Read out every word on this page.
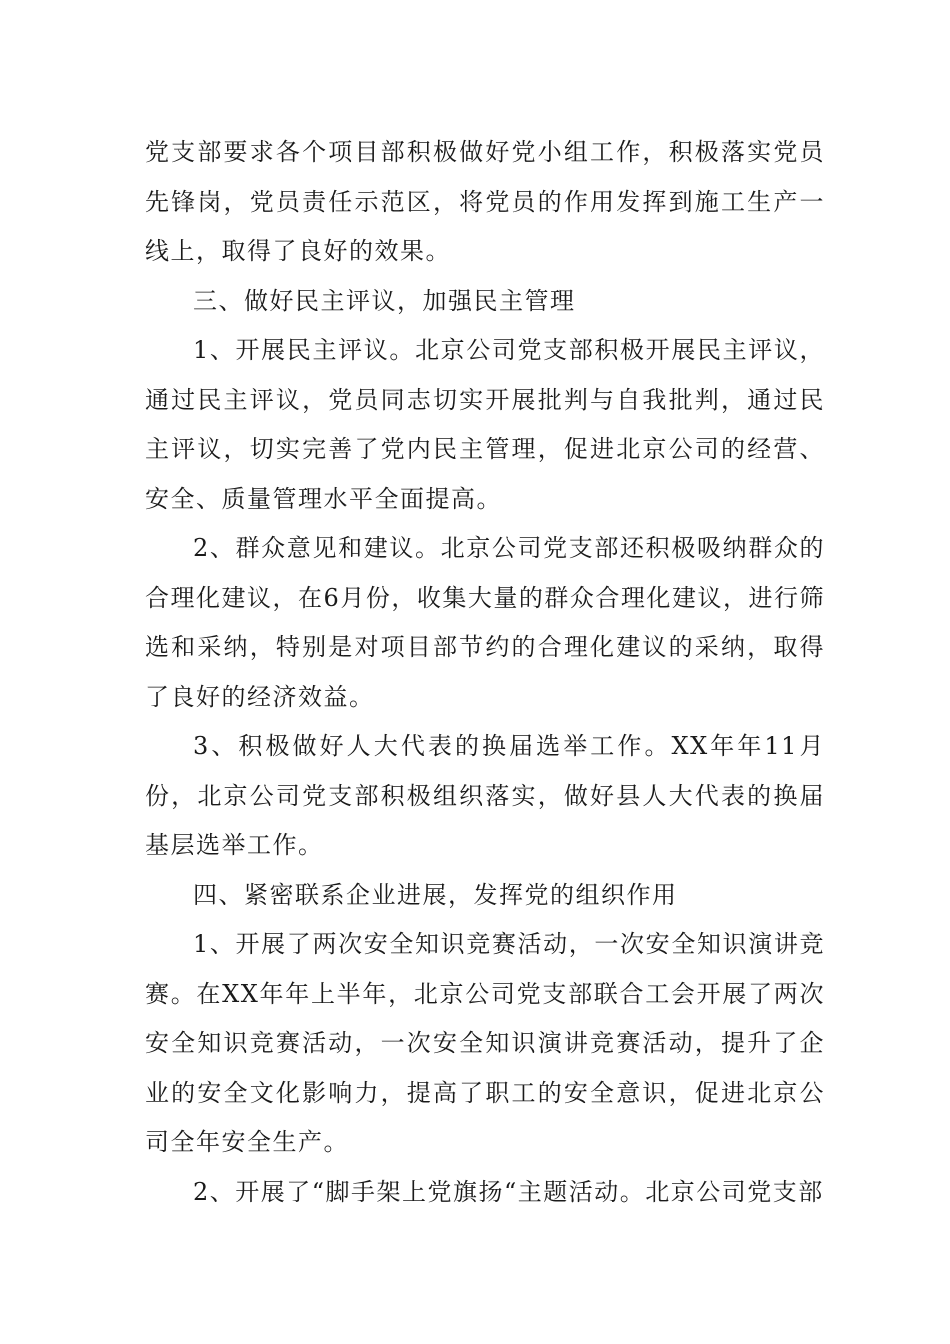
党支部要求各个项目部积极做好党小组工作，积极落实党员先锋岗，党员责任示范区，将党员的作用发挥到施工生产一线上，取得了良好的效果。

三、做好民主评议，加强民主管理

1、开展民主评议。北京公司党支部积极开展民主评议，通过民主评议，党员同志切实开展批判与自我批判，通过民主评议，切实完善了党内民主管理，促进北京公司的经营、安全、质量管理水平全面提高。

2、群众意见和建议。北京公司党支部还积极吸纳群众的合理化建议，在6月份，收集大量的群众合理化建议，进行筛选和采纳，特别是对项目部节约的合理化建议的采纳，取得了良好的经济效益。

3、积极做好人大代表的换届选举工作。XX年年11月份，北京公司党支部积极组织落实，做好县人大代表的换届基层选举工作。

四、紧密联系企业进展，发挥党的组织作用

1、开展了两次安全知识竞赛活动，一次安全知识演讲竞赛。在XX年年上半年，北京公司党支部联合工会开展了两次安全知识竞赛活动，一次安全知识演讲竞赛活动，提升了企业的安全文化影响力，提高了职工的安全意识，促进北京公司全年安全生产。

2、开展了“脚手架上党旗扬“主题活动。北京公司党支部
